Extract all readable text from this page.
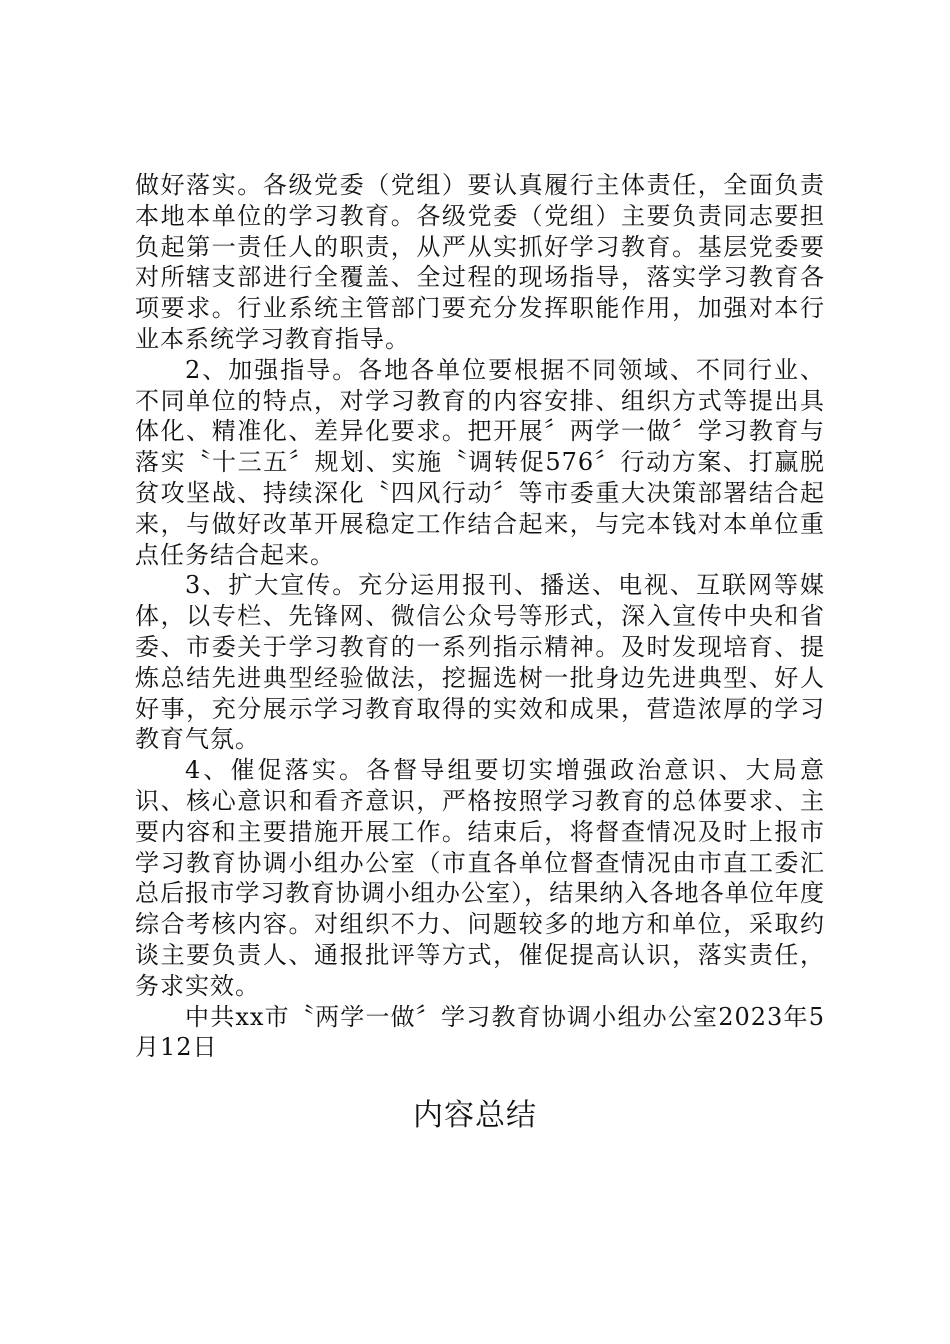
做好落实。各级党委（党组）要认真履行主体责任，全面负责本地本单位的学习教育。各级党委（党组）主要负责同志要担负起第一责任人的职责，从严从实抓好学习教育。基层党委要对所辖支部进行全覆盖、全过程的现场指导，落实学习教育各项要求。行业系统主管部门要充分发挥职能作用，加强对本行业本系统学习教育指导。

2、加强指导。各地各单位要根据不同领域、不同行业、不同单位的特点，对学习教育的内容安排、组织方式等提出具体化、精准化、差异化要求。把开展〞两学一做〞学习教育与落实〝十三五〞规划、实施〝调转促576〞行动方案、打赢脱贫攻坚战、持续深化〝四风行动〞等市委重大决策部署结合起来，与做好改革开展稳定工作结合起来，与完本钱对本单位重点任务结合起来。

3、扩大宣传。充分运用报刊、播送、电视、互联网等媒体，以专栏、先锋网、微信公众号等形式，深入宣传中央和省委、市委关于学习教育的一系列指示精神。及时发现培育、提炼总结先进典型经验做法，挖掘选树一批身边先进典型、好人好事，充分展示学习教育取得的实效和成果，营造浓厚的学习教育气氛。

4、催促落实。各督导组要切实增强政治意识、大局意识、核心意识和看齐意识，严格按照学习教育的总体要求、主要内容和主要措施开展工作。结束后，将督查情况及时上报市学习教育协调小组办公室（市直各单位督查情况由市直工委汇总后报市学习教育协调小组办公室），结果纳入各地各单位年度综合考核内容。对组织不力、问题较多的地方和单位，采取约谈主要负责人、通报批评等方式，催促提高认识，落实责任，务求实效。

中共xx市〝两学一做〞学习教育协调小组办公室2023年5月12日

内容总结
